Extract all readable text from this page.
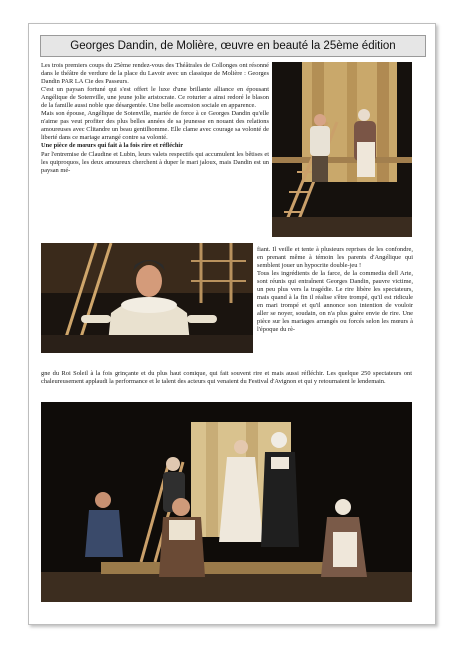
Georges Dandin, de Molière, œuvre en beauté la 25ème édition

Les trois premiers coups du 25ème rendez-vous des Théâtrales de Collonges ont résonné dans le théâtre de verdure de la place du Lavoir avec un classique de Molière : Georges Dandin PAR LA Cie des Passeurs.

C'est un paysan fortuné qui s'est offert le luxe d'une brillante alliance en épousant Angélique de Sotenville, une jeune jolie aristocrate. Ce roturier a ainsi redoré le blason de la famille aussi noble que désargentée. Une belle ascension sociale en apparence.

Mais son épouse, Angélique de Sotenville, mariée de force à ce Georges Dandin qu'elle n'aime pas veut profiter des plus belles années de sa jeunesse en nouant des relations amoureuses avec Clitandre un beau gentilhomme. Elle clame avec courage sa volonté de liberté dans ce mariage arrangé contre sa volonté.

Une pièce de mœurs qui fait à la fois rire et réfléchir

Par l'entremise de Claudine et Lubin, leurs valets respectifs qui accumulent les bêtises et les quiproquos, les deux amoureux cherchent à duper le mari jaloux, mais Dandin est un paysan mé-

fiant. Il veille et tente à plusieurs reprises de les confondre, en prenant même à témoin les parents d'Angélique qui semblent jouer un hypocrite double-jeu !

Tous les ingrédients de la farce, de la commedia dell Arte, sont réunis qui entraînent Georges Dandin, pauvre victime, un peu plus vers la tragédie. Le rire libère les spectateurs, mais quand à la fin il réalise s'être trompé, qu'il est ridicule en mari trompé et qu'il annonce son intention de vouloir aller se noyer, soudain, on n'a plus guère envie de rire. Une pièce sur les mariages arrangés ou forcés selon les mœurs à l'époque du rè-

gne du Roi Soleil à la fois grinçante et du plus haut comique, qui fait souvent rire et mais aussi réfléchir. Les quelque 250 spectateurs ont chaleureusement applaudi la performance et le talent des acteurs qui venaient du Festival d'Avignon et qui y retournaient le lendemain.
